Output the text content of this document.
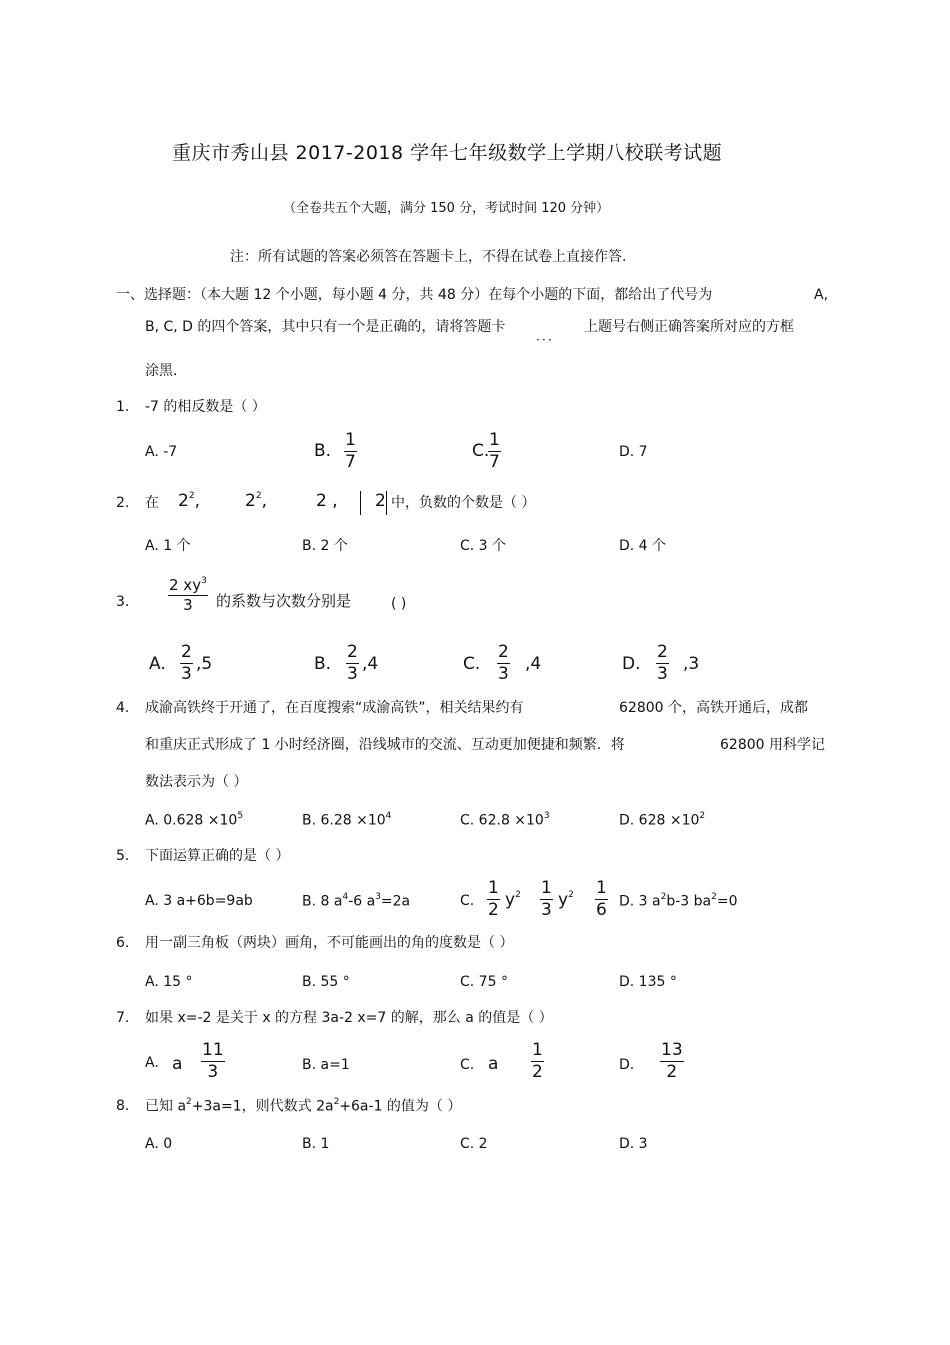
重庆市秀山县 2017-2018 学年七年级数学上学期八校联考试题
（全卷共五个大题，满分 150 分，考试时间 120 分钟）
注：所有试题的答案必须答在答题卡上，不得在试卷上直接作答.
一、选择题：（本大题 12 个小题，每小题 4 分，共 48 分）在每个小题的下面，都给出了代号为	A,
B, C, D 的四个答案，其中只有一个是正确的，请将答题卡
．．．
上题号右侧正确答案所对应的方框
涂黑.
1. -7 的相反数是（ ）
A. -7	B.
1
7
C.
1
7	D. 7
2. 在 $2^2$,	$2^2$,	2 , 2 中，负数的个数是（ ）
A. 1 个	B. 2 个	C. 3 个	D. 4 个
3.
2 $xy^3$
3 的系数与次数分别是	( )
A.
2
3 ,5	B.
2
3 ,4	C.
2
3 ,4	D.
2
3 ,3
4. 成渝高铁终于开通了，在百度搜索“成渝高铁”，相关结果约有	62800 个，高铁开通后，成都
和重庆正式形成了 1 小时经济圈，沿线城市的交流、互动更加便捷和频繁．将	62800 用科学记
数法表示为（ ）
A. $0.628 \times 10^5$	B. $6.28 \times 10^4$	C. $62.8 \times 10^3$	D. $628 \times 10^2$
5. 下面运算正确的是（ ）
A. 3 a+6b=9ab	B. 8 $a^4-6$ $a^3=2a$	C.
1
2 $y^2$ 1
3 $y^2$ 1
6 D. 3 $a^2b-3$ $ba^2=0$
6. 用一副三角板（两块）画角，不可能画出的角的度数是（ ）
A. 15 °	B. 55 °	C. 75 °	D. 135 °
7. 如果 x=-2 是关于 x 的方程 3a-2 x=7 的解，那么 a 的值是（ ）
A. a
11
3	B. a=1	C. a
1
2	D.
13
2
8. 已知 $a^2+3a=1$，则代数式 $2a^2+6a-1$ 的值为（ ）
A. 0	B. 1	C. 2	D. 3
